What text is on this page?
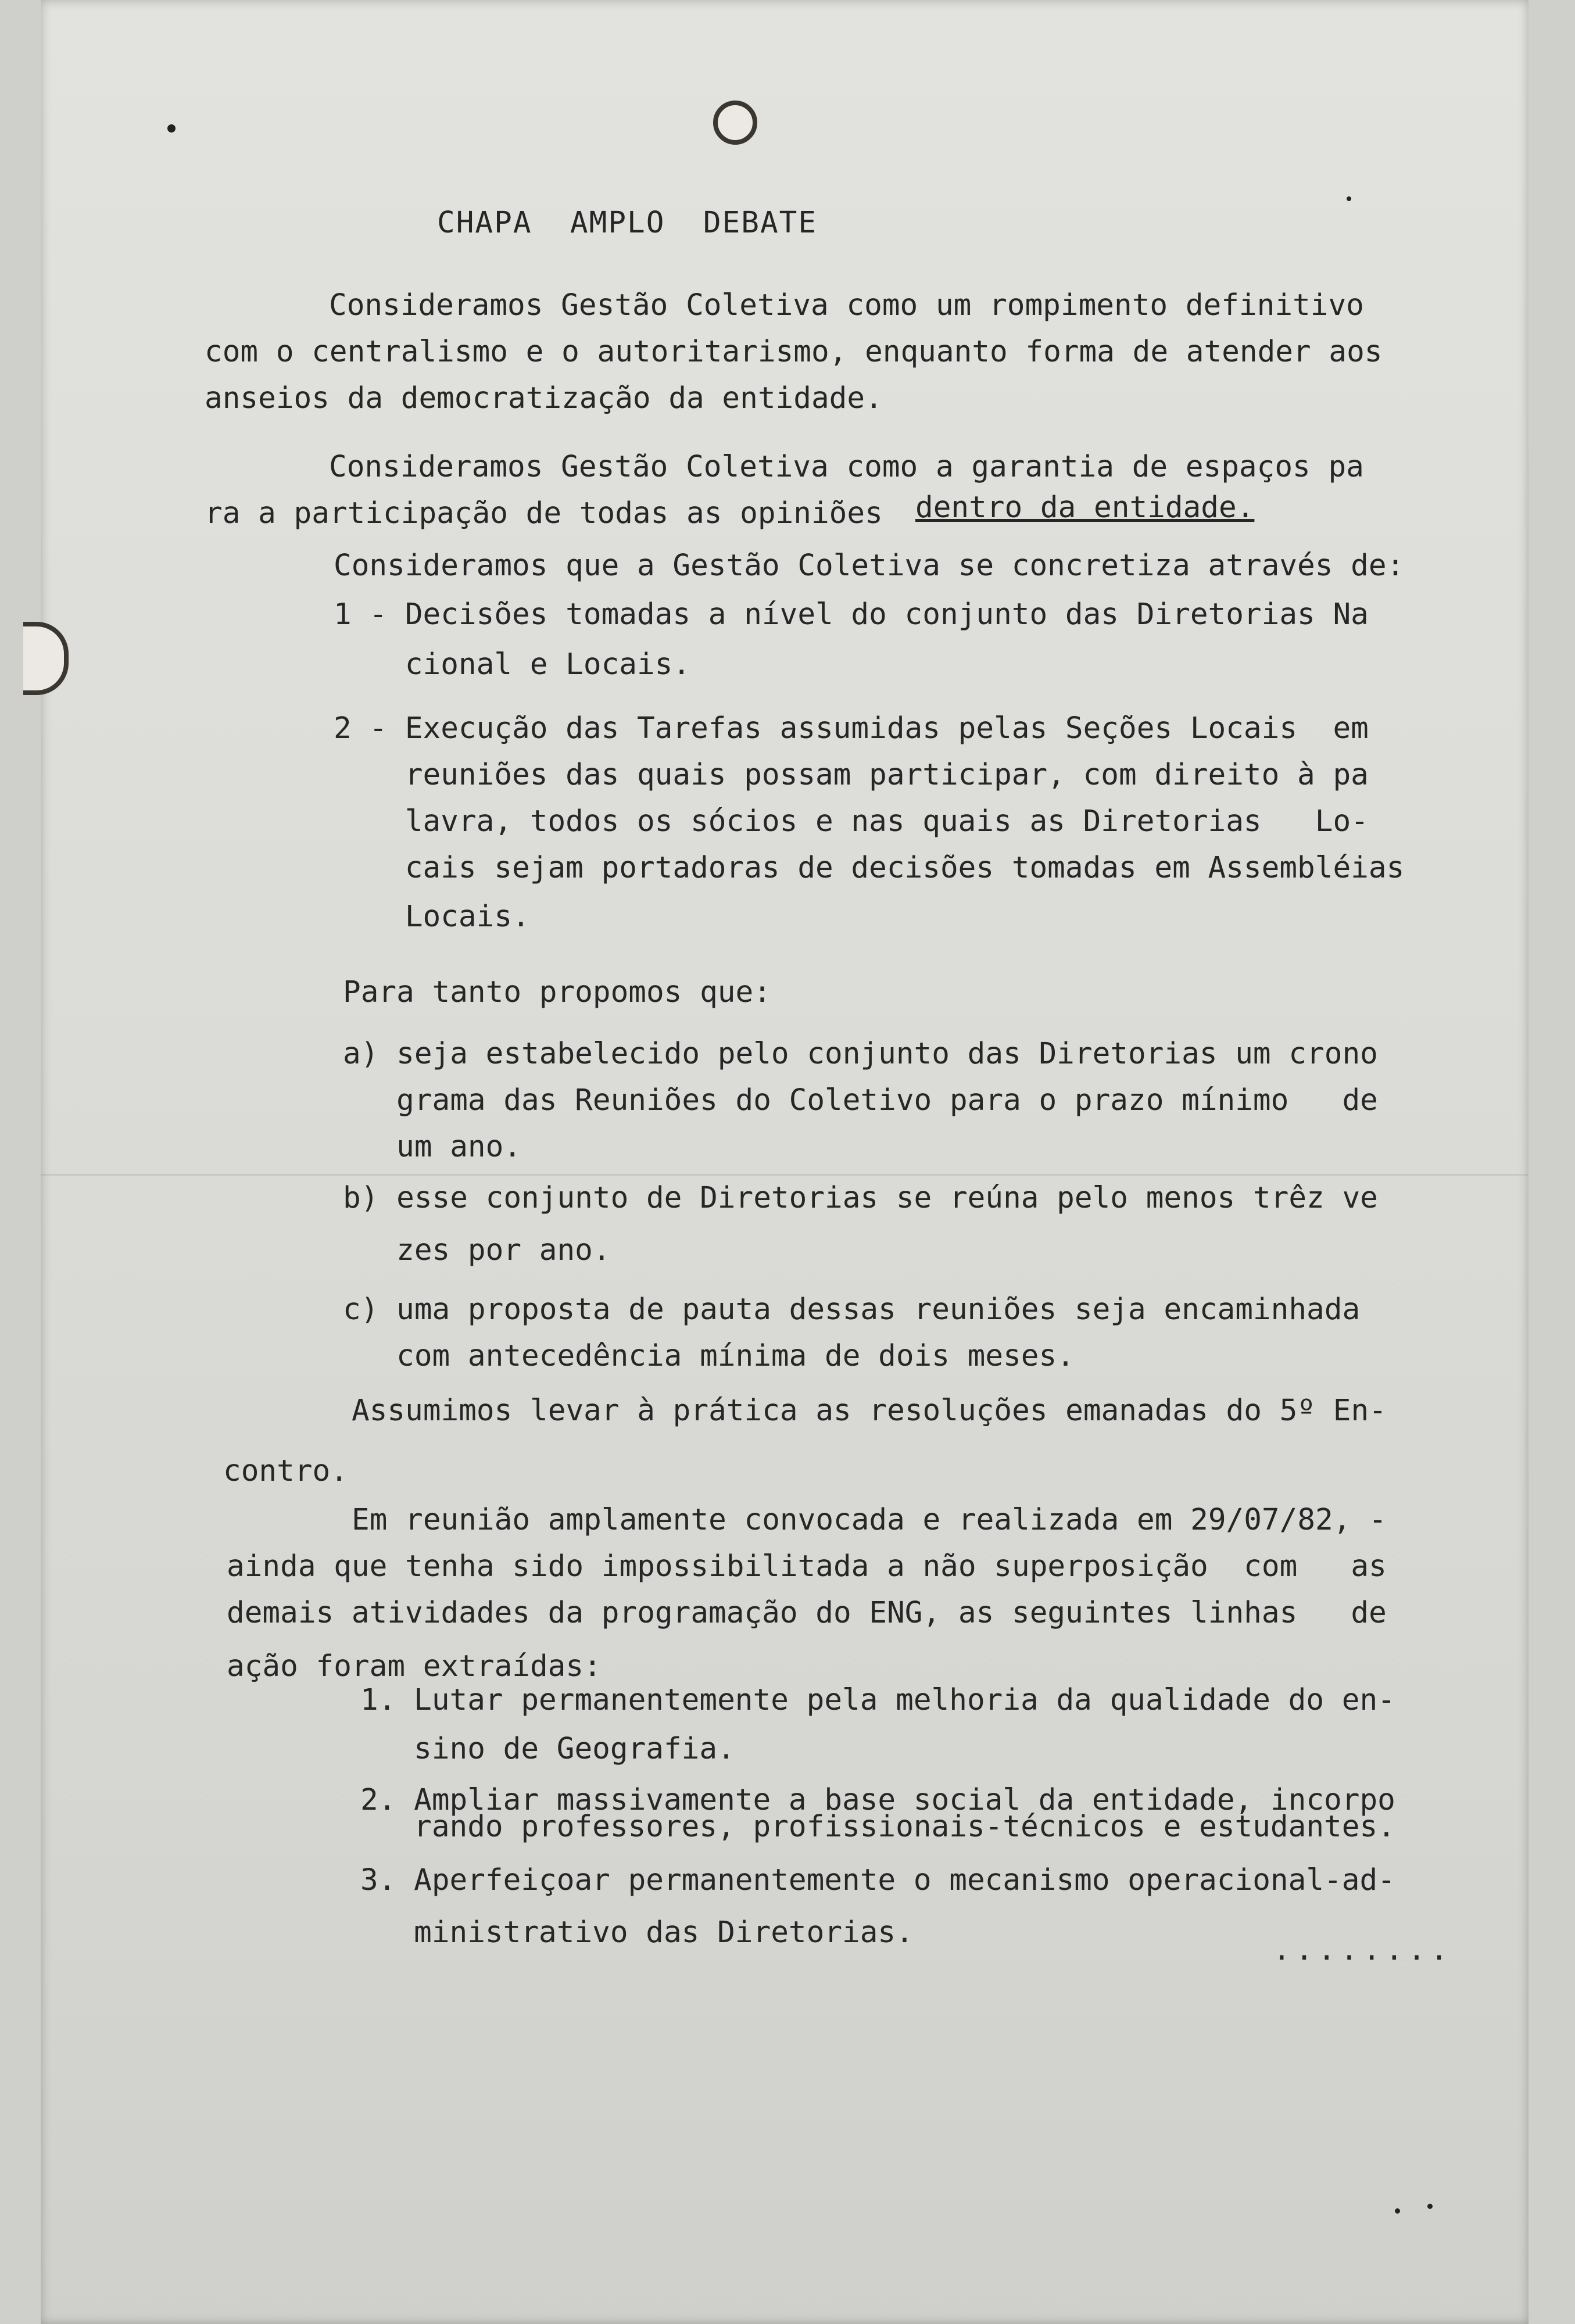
CHAPA  AMPLO  DEBATE
Consideramos Gestão Coletiva como um rompimento definitivo
com o centralismo e o autoritarismo, enquanto forma de atender aos
anseios da democratização da entidade.
Consideramos Gestão Coletiva como a garantia de espaços pa
ra a participação de todas as opiniões dentro da entidade.
Consideramos que a Gestão Coletiva se concretiza através de:
1 - Decisões tomadas a nível do conjunto das Diretorias Na
cional e Locais.
2 - Execução das Tarefas assumidas pelas Seções Locais  em
reuniões das quais possam participar, com direito à pa
lavra, todos os sócios e nas quais as Diretorias   Lo-
cais sejam portadoras de decisões tomadas em Assembléias
Locais.
Para tanto propomos que:
a) seja estabelecido pelo conjunto das Diretorias um crono
grama das Reuniões do Coletivo para o prazo mínimo   de
um ano.
b) esse conjunto de Diretorias se reúna pelo menos trêz ve
zes por ano.
c) uma proposta de pauta dessas reuniões seja encaminhada
com antecedência mínima de dois meses.
Assumimos levar à prática as resoluções emanadas do 5º En-
contro.
Em reunião amplamente convocada e realizada em 29/07/82, -
ainda que tenha sido impossibilitada a não superposição  com   as
demais atividades da programação do ENG, as seguintes linhas   de
ação foram extraídas:
1. Lutar permanentemente pela melhoria da qualidade do en-
sino de Geografia.
2. Ampliar massivamente a base social da entidade, incorpo
rando professores, profissionais-técnicos e estudantes.
3. Aperfeiçoar permanentemente o mecanismo operacional-ad-
ministrativo das Diretorias.
........
